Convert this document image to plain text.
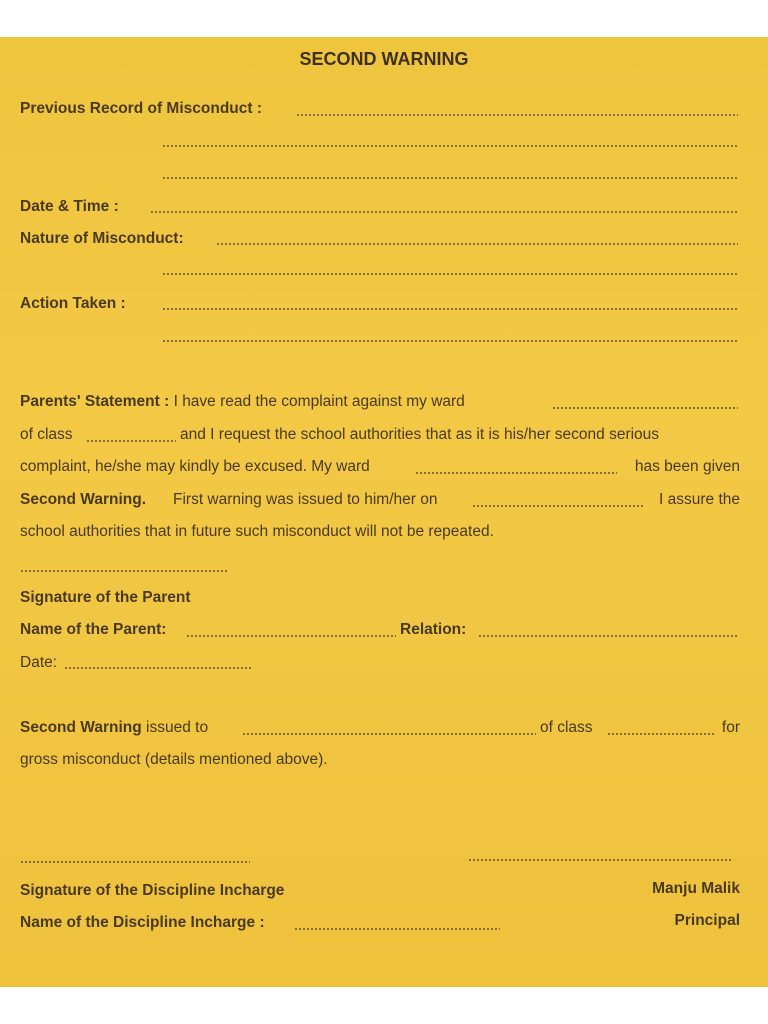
SECOND WARNING
Previous Record of Misconduct :
Date & Time :
Nature of Misconduct:
Action Taken :
Parents' Statement : I have read the complaint against my ward
of class	and I request the school authorities that as it is his/her second serious
complaint, he/she may kindly be excused. My ward	has been given
Second Warning. First warning was issued to him/her on	I assure the
school authorities that in future such misconduct will not be repeated.
Signature of the Parent
Name of the Parent:	Relation:
Date:
Second Warning issued to	of class	for
gross misconduct (details mentioned above).
Signature of the Discipline Incharge	Manju Malik
Name of the Discipline Incharge :	Principal
